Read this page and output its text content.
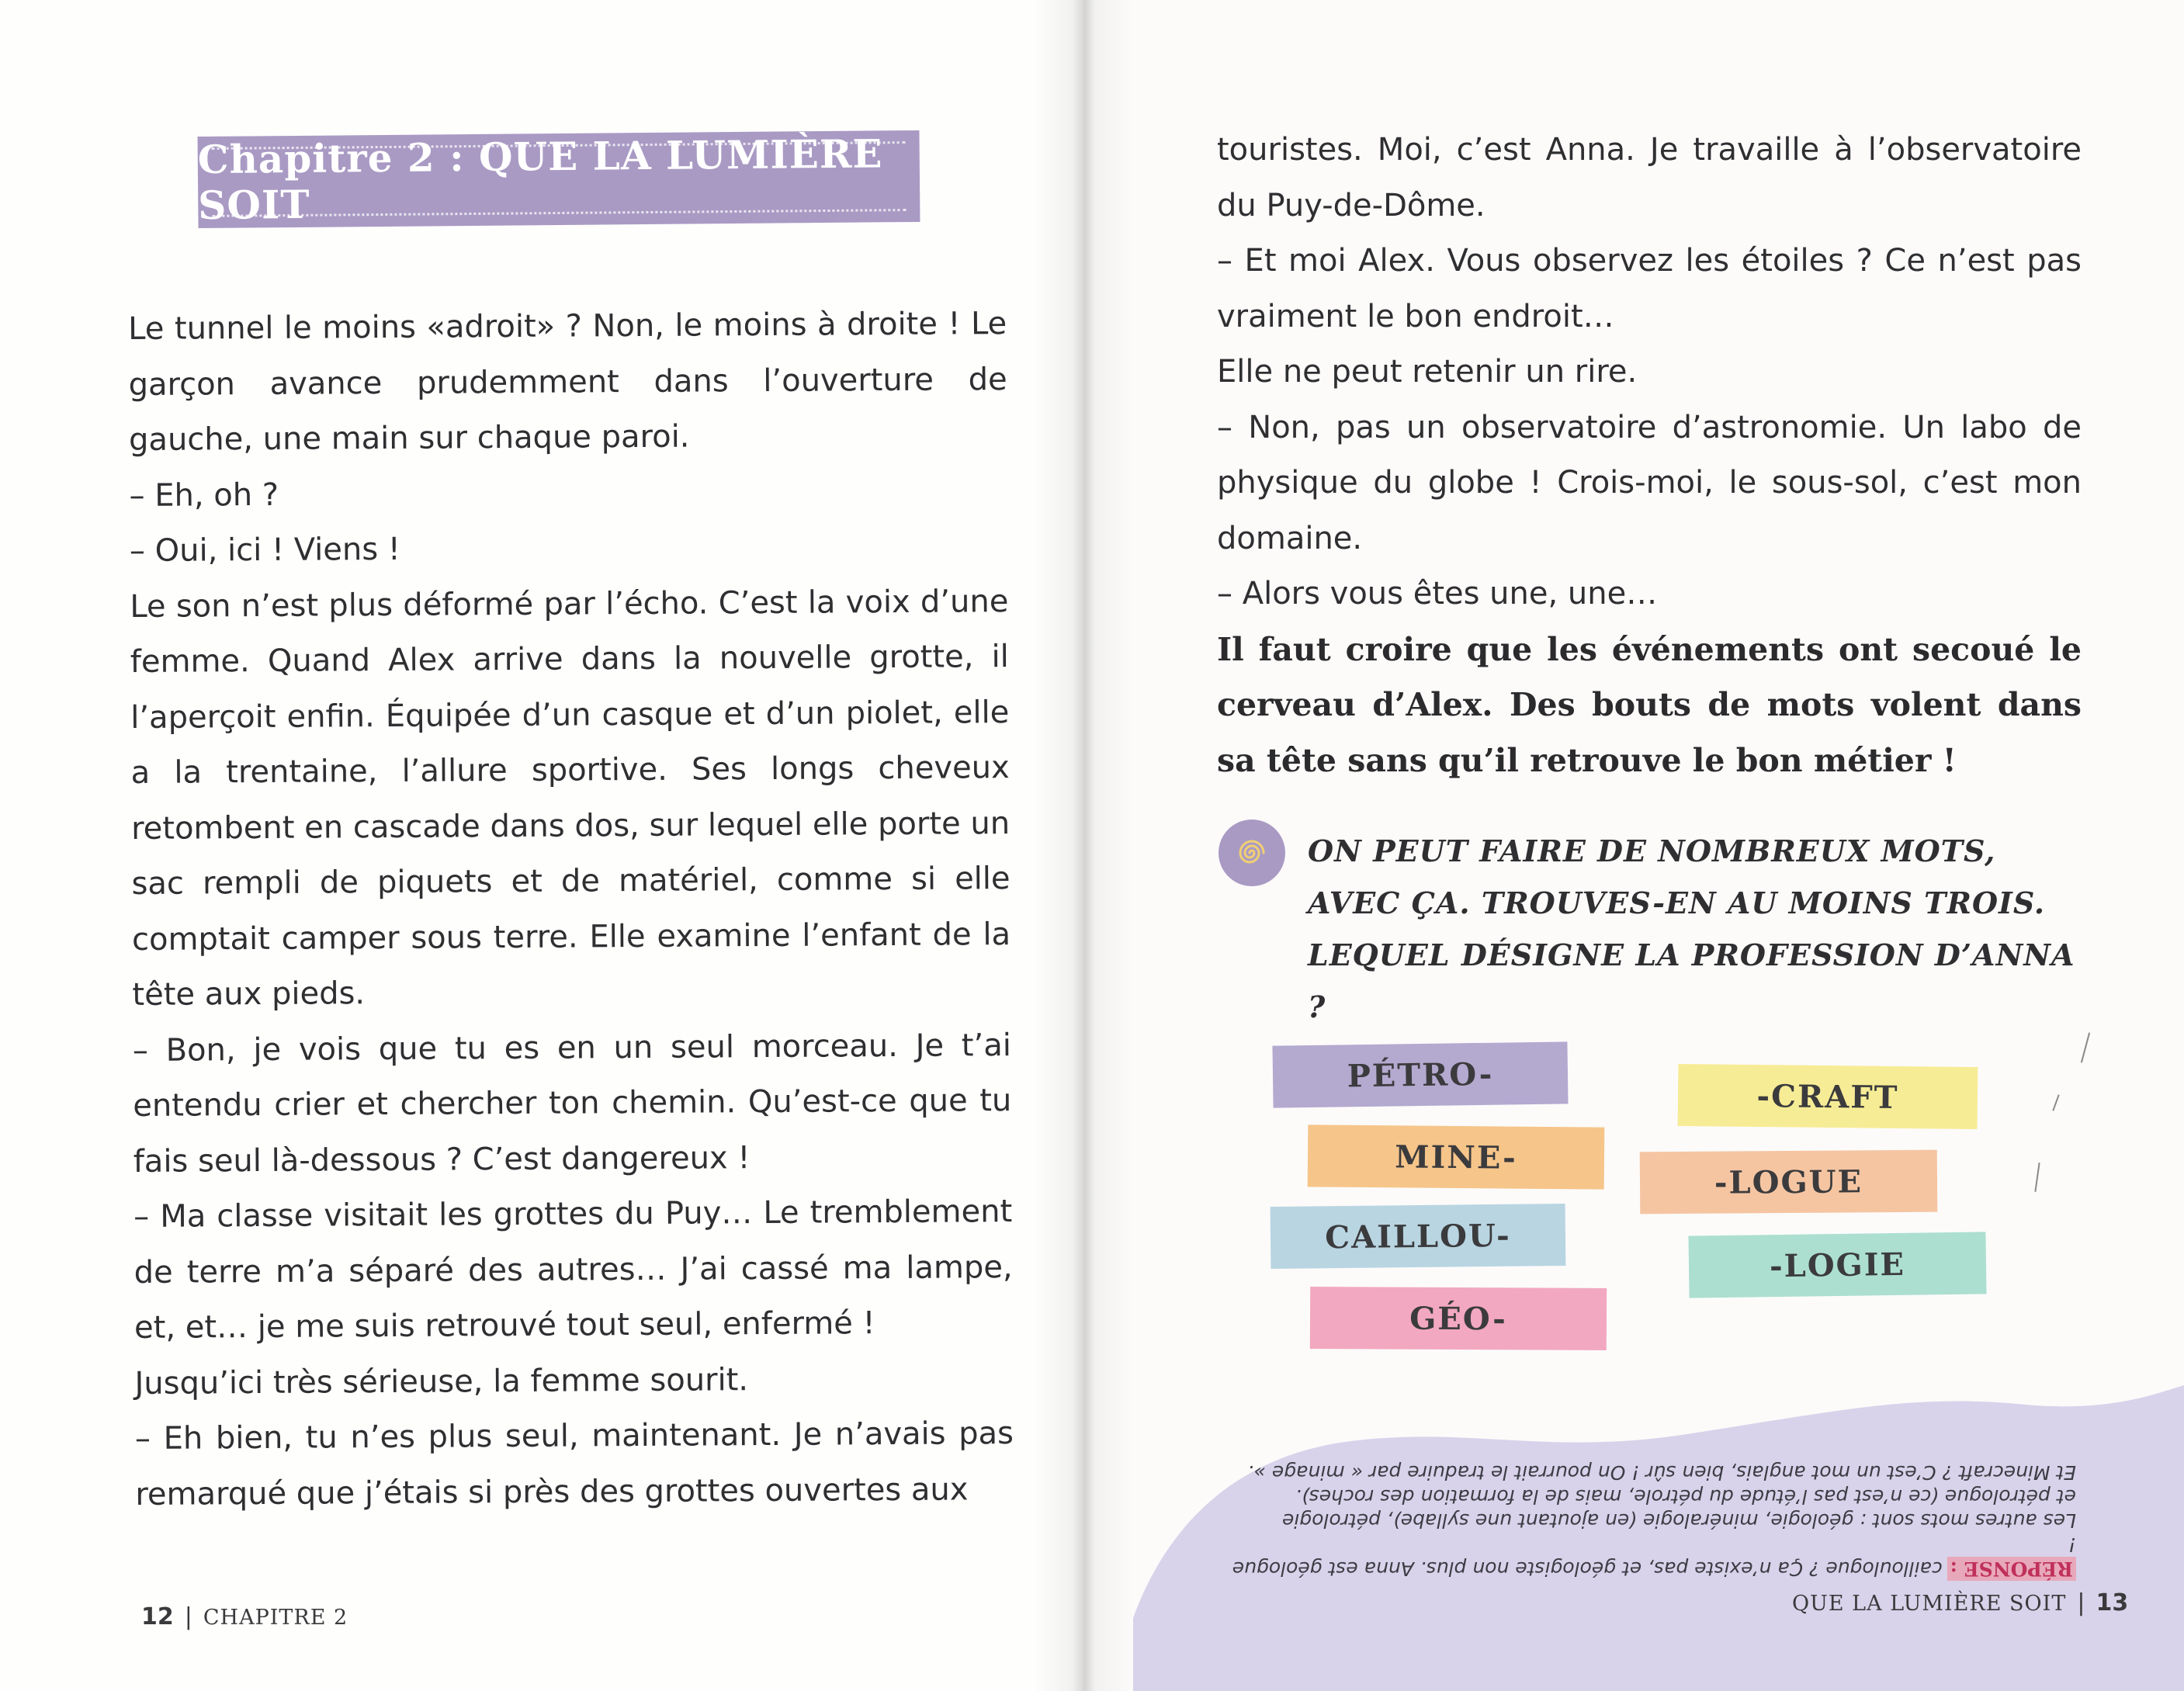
Chapitre 2 : QUE LA LUMIÈRE SOIT

Le tunnel le moins «adroit» ? Non, le moins à droite ! Le garçon avance prudemment dans l’ouverture de gauche, une main sur chaque paroi.

– Eh, oh ?

– Oui, ici ! Viens !

Le son n’est plus déformé par l’écho. C’est la voix d’une femme. Quand Alex arrive dans la nouvelle grotte, il l’aperçoit enfin. Équipée d’un casque et d’un piolet, elle a la trentaine, l’allure sportive. Ses longs cheveux retombent en cascade dans dos, sur lequel elle porte un sac rempli de piquets et de matériel, comme si elle comptait camper sous terre. Elle examine l’enfant de la tête aux pieds.

– Bon, je vois que tu es en un seul morceau. Je t’ai entendu crier et chercher ton chemin. Qu’est-ce que tu fais seul là-dessous ? C’est dangereux !

– Ma classe visitait les grottes du Puy… Le tremblement de terre m’a séparé des autres… J’ai cassé ma lampe, et, et… je me suis retrouvé tout seul, enfermé !

Jusqu’ici très sérieuse, la femme sourit.

– Eh bien, tu n’es plus seul, maintenant. Je n’avais pas remarqué que j’étais si près des grottes ouvertes aux

12 | CHAPITRE 2

touristes. Moi, c’est Anna. Je travaille à l’observatoire du Puy-de-Dôme.

– Et moi Alex. Vous observez les étoiles ? Ce n’est pas vraiment le bon endroit…

Elle ne peut retenir un rire.

– Non, pas un observatoire d’astronomie. Un labo de physique du globe ! Crois-moi, le sous-sol, c’est mon domaine.

– Alors vous êtes une, une…

Il faut croire que les événements ont secoué le cerveau d’Alex. Des bouts de mots volent dans sa tête sans qu’il retrouve le bon métier !

ON PEUT FAIRE DE NOMBREUX MOTS,

AVEC ÇA. TROUVES-EN AU MOINS TROIS.

LEQUEL DÉSIGNE LA PROFESSION D’ANNA ?

PÉTRO-
MINE-
CAILLOU-
GÉO-
-CRAFT
-LOGUE
-LOGIE

RÉPONSE :cailloulogue ? Ça n’existe pas, et géologiste non plus. Anna est géologue !

Les autres mots sont : géologie, minéralogie (en ajoutant une syllabe), pétrologie

et pétrologue (ce n’est pas l’étude du pétrole, mais de la formation des roches).

Et Minecraft ? C’est un mot anglais, bien sûr ! On pourrait le traduire par « minage ».

QUE LA LUMIÈRE SOIT | 13
